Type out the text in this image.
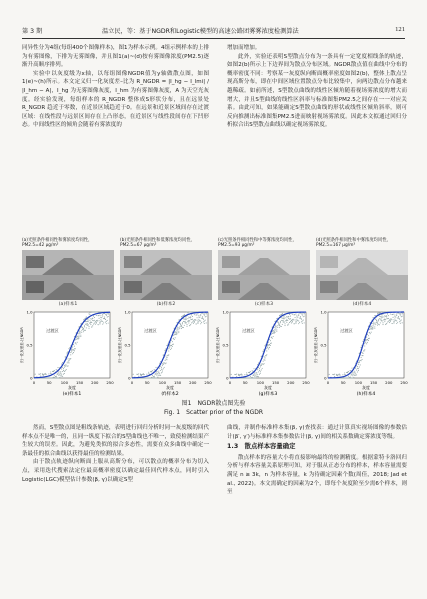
第 3 期	温立民，等：基于NGDR和Logistic模型的高速公路团雾雾浓度检测算法	121

同异性分为4组(每组400个图像样本)，图1为样本示例。4组示例样本的上排为有雾图像，下排为无雾图像，并且图1(a)~(d)按有雾图像浓度(PM2.5)逐渐升高顺序排列。

实验中以灰度级为x轴，以每组图像NGDR值为y轴做散点图，如图1(e)~(h)所示。本文定义归一化灰度差–比为 R_NGDR = |I_hg − I_lmi| / |I_hm − A|，I_hg 为无雾图像灰度，I_hm 为有雾图像灰度，A 为天空光灰度。经实验发现，每组样本的 R_NGDR 整体成S形状分布，且在远景处 R_NGDR 趋近于零数，在近景区域趋近于0。在远景和近景区域间存在过渡区域：在线性段与远景区间存在上凸形态，在近景区与线性段间存在下凹形态。中间线性区的倾角会随着有雾浓度的

增加而增加。

此外，实验还表明S型散点分布为一条具有一定宽度相线条的轨迹，如图2(b)所示上下边界间为散点分布区域。NGDR散点值在曲线中分布的概率密度不同：考察某一灰度纵向断面概率密度如图2(b)，整体上散点呈现高斯分布，即在中间区域位置散点分布比较集中，向两边散点分布越来越稀疏。如前所述，S型散点曲线的线性区倾角随着视场雾浓度的增大而增大，并且S型曲线的线性区斜率与标准图集PM2.5之间存在一一对应关系。由此可知，如果能确定S型散点曲线的形状或线性区倾角斜率，则可反向推测出标准图集PM2.5进而映射视场雾浓度。因此本文拟通过回归分析拟合出S型散点曲线以确定视场雾浓度。

(a)光照条件相同性和雾浓度均同性，PM2.5=42 μg/m³
(a)样本1
(b)光照条件相同性和低雾浓度均同性，PM2.5=67 μg/m³
(b)样本2
(c)光照条件相同性和中等雾浓度均同性，PM2.5=93 μg/m³
(c)样本3
(d)光照条件相同性和中雾浓度均同性，PM2.5=167 μg/m³
(d)样本4
过渡区
0	50 100 150 200 250
0
0.5
1.0
灰度
归一化灰度差–比NGDR
(e)样本1
过渡区
0	50 100 150 200 250
0
0.5
1.0
灰度
归一化灰度差–比NGDR
(f)样本2
过渡区
0	50 100 150 200 250
0
0.5
1.0
灰度
归一化灰度差–比NGDR
(g)样本3
过渡区
0	50 100 150 200 250
0
0.5
1.0
灰度
归一化灰度差–比NGDR
(h)样本4
图1　NGDR散点图先验
Fig. 1　Scatter prior of the NGDR

然而，S型散点图是粗线条轨迹，表明进行回归分析时同一灰度级的回代样本点不是唯一的，且同一纵度下拟合的S型曲线也不唯一，致使检测结果产生较大的误差。因此，为避免类似的拟合多态性，需要在众多曲线中确定一条最佳的拟合曲线以获得最佳的检测结果。

由于散点轨迹纵向断面上服从高斯分布，可以散点的概率分布为切入点，采用迭代搜索法定位最高概率密度以确定最佳回代样本点，同时引入Logistic(LGC)模型估计参数(β, γ)以确定S型

曲线，并制作标准样本集(β, γ)查找表：通过计算真实视场图像的参数估计(β′, γ′)与标准样本集参数估计(β, γ)间的相关系数确定雾浓度等级。

1.3　散点样本容量确定

散点样本的容量大小将直接影响最终的检测精度。根据蒙特卡洛回归分析与样本容量关系原理可知，对于服从正态分布的样本，样本容量需要满足 n ≥ 3k，n 为样本容量，k 为待确定因素个数(周佳，2018; Jad et al., 2022)。本文需确定的因素为2个，即每个灰度阶至少需6个样本，则至
